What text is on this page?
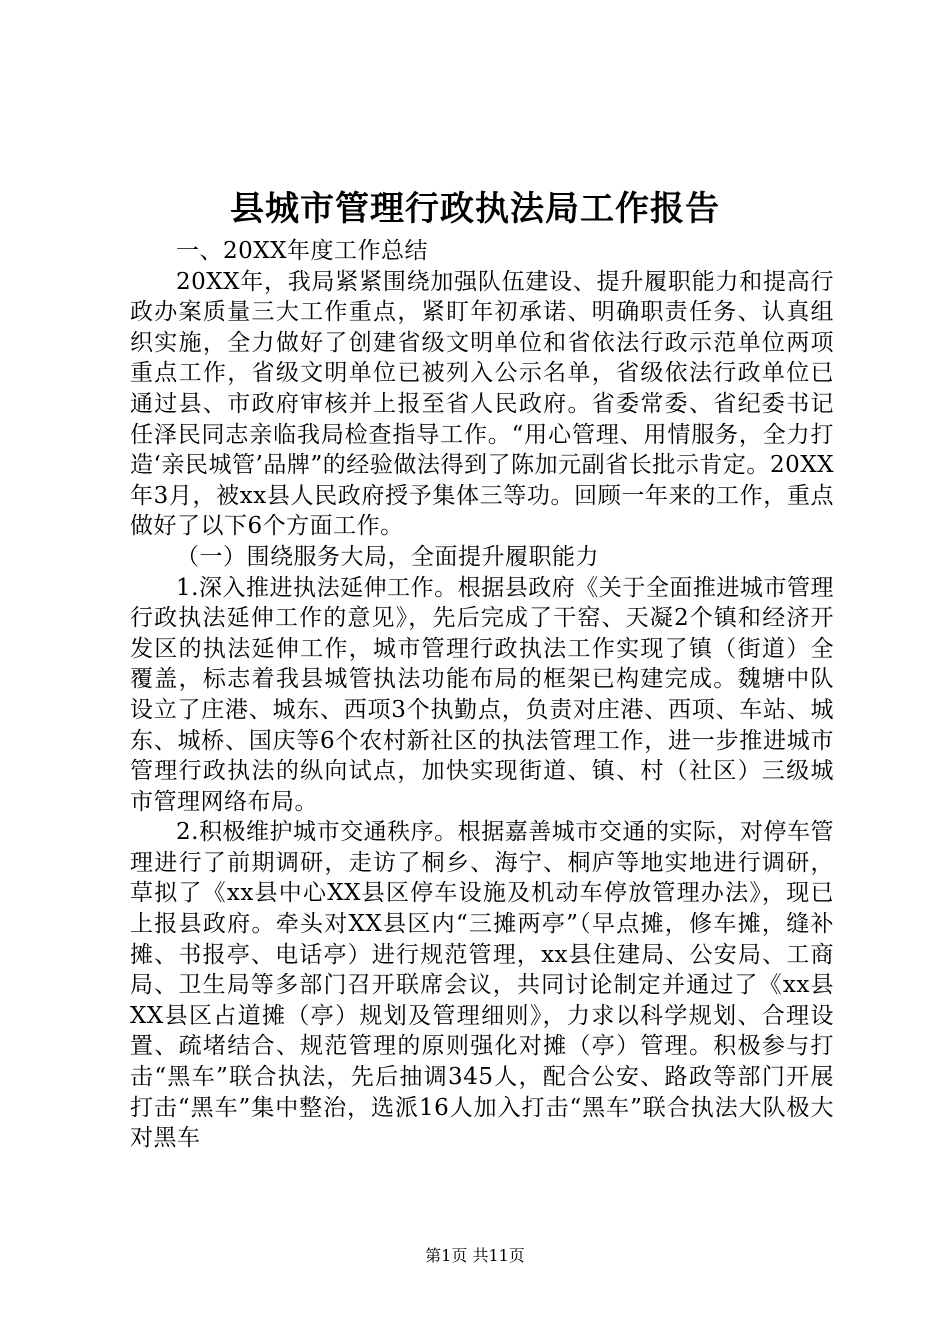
县城市管理行政执法局工作报告

一、20XX年度工作总结

20XX年，我局紧紧围绕加强队伍建设、提升履职能力和提高行政办案质量三大工作重点，紧盯年初承诺、明确职责任务、认真组织实施，全力做好了创建省级文明单位和省依法行政示范单位两项重点工作，省级文明单位已被列入公示名单，省级依法行政单位已通过县、市政府审核并上报至省人民政府。省委常委、省纪委书记任泽民同志亲临我局检查指导工作。“用心管理、用情服务，全力打造‘亲民城管’品牌”的经验做法得到了陈加元副省长批示肯定。20XX年3月，被xx县人民政府授予集体三等功。回顾一年来的工作，重点做好了以下6个方面工作。

（一）围绕服务大局，全面提升履职能力

1.深入推进执法延伸工作。根据县政府《关于全面推进城市管理行政执法延伸工作的意见》，先后完成了干窑、天凝2个镇和经济开发区的执法延伸工作，城市管理行政执法工作实现了镇（街道）全覆盖，标志着我县城管执法功能布局的框架已构建完成。魏塘中队设立了庄港、城东、西项3个执勤点，负责对庄港、西项、车站、城东、城桥、国庆等6个农村新社区的执法管理工作，进一步推进城市管理行政执法的纵向试点，加快实现街道、镇、村（社区）三级城市管理网络布局。

2.积极维护城市交通秩序。根据嘉善城市交通的实际，对停车管理进行了前期调研，走访了桐乡、海宁、桐庐等地实地进行调研，草拟了《xx县中心XX县区停车设施及机动车停放管理办法》，现已上报县政府。牵头对XX县区内“三摊两亭”（早点摊，修车摊，缝补摊、书报亭、电话亭）进行规范管理，xx县住建局、公安局、工商局、卫生局等多部门召开联席会议，共同讨论制定并通过了《xx县XX县区占道摊（亭）规划及管理细则》，力求以科学规划、合理设置、疏堵结合、规范管理的原则强化对摊（亭）管理。积极参与打击“黑车”联合执法，先后抽调345人，配合公安、路政等部门开展打击“黑车”集中整治，选派16人加入打击“黑车”联合执法大队极大对黑车

第1页 共11页
